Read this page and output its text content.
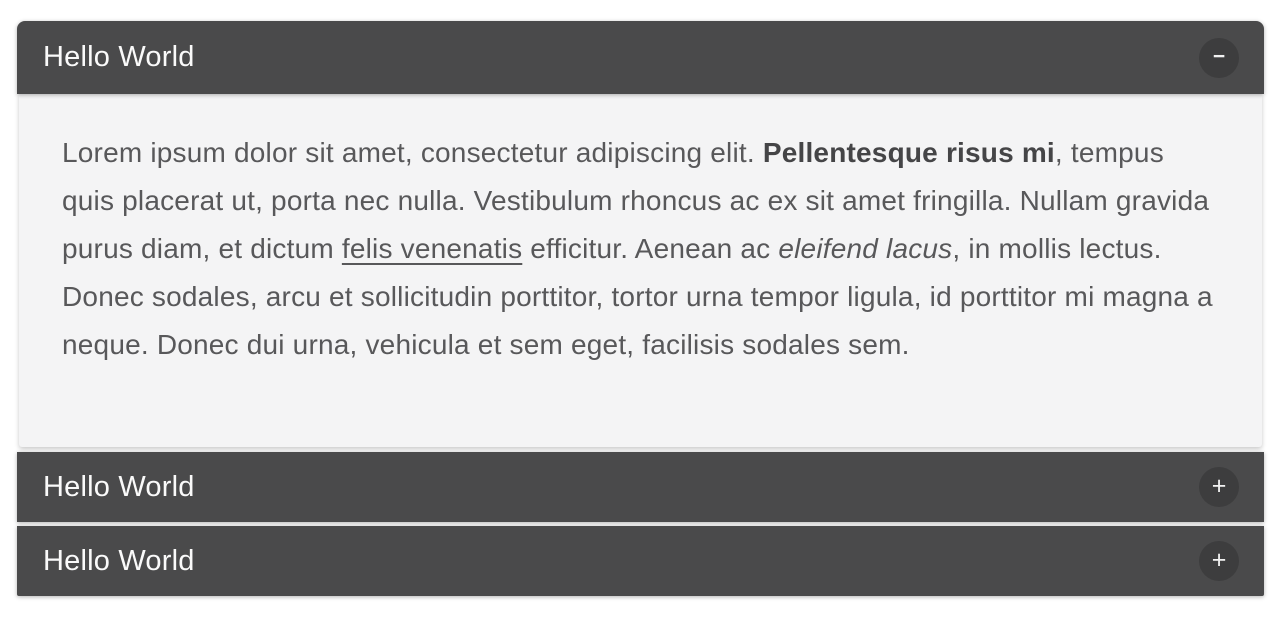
Hello World	−

Lorem ipsum dolor sit amet, consectetur adipiscing elit. Pellentesque risus mi, tempus quis placerat ut, porta nec nulla. Vestibulum rhoncus ac ex sit amet fringilla. Nullam gravida purus diam, et dictum felis venenatis efficitur. Aenean ac eleifend lacus, in mollis lectus. Donec sodales, arcu et sollicitudin porttitor, tortor urna tempor ligula, id porttitor mi magna a neque. Donec dui urna, vehicula et sem eget, facilisis sodales sem.

Hello World	+
Hello World	+
